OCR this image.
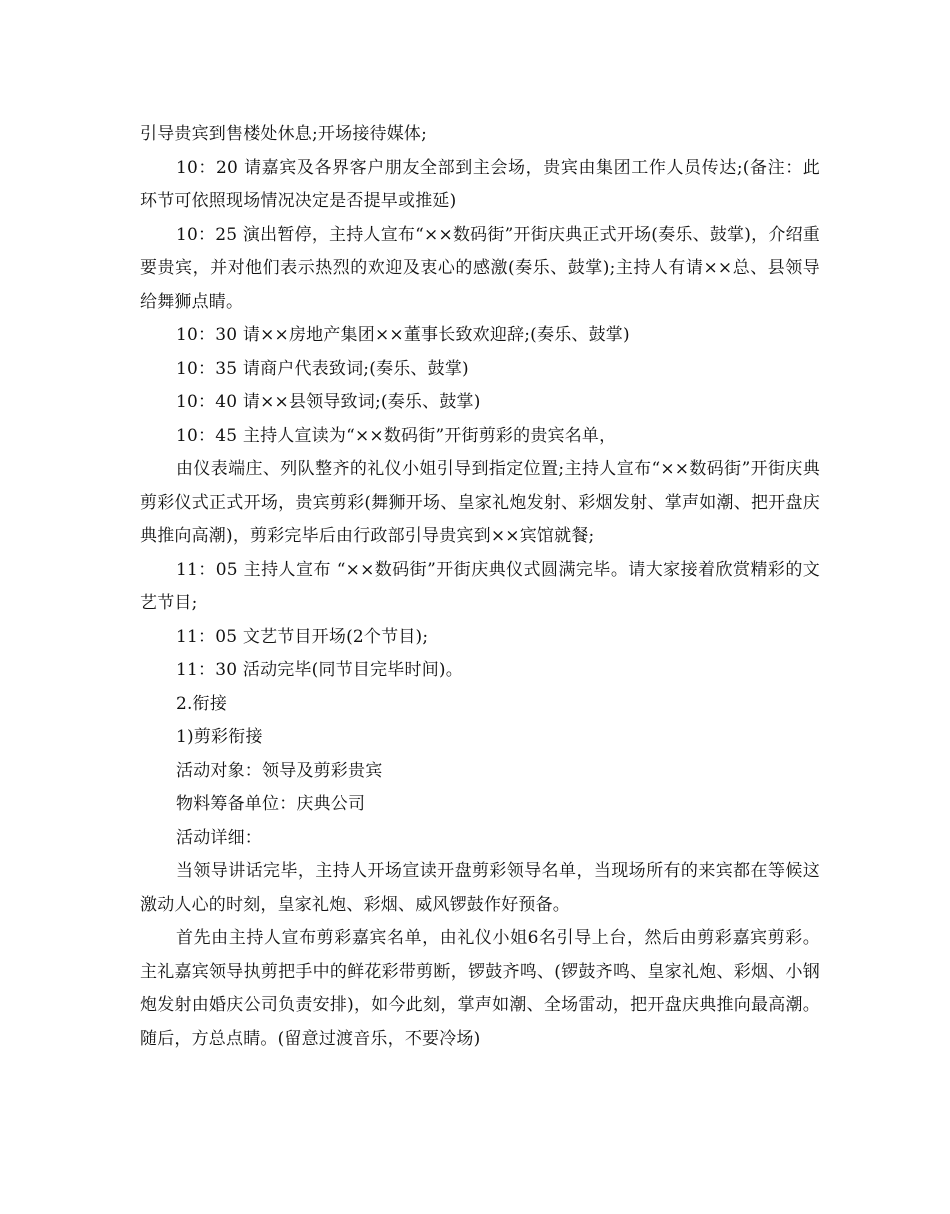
引导贵宾到售楼处休息;开场接待媒体;

10：20 请嘉宾及各界客户朋友全部到主会场，贵宾由集团工作人员传达;(备注：此环节可依照现场情况决定是否提早或推延)

10：25 演出暂停，主持人宣布“××数码街”开街庆典正式开场(奏乐、鼓掌)，介绍重要贵宾，并对他们表示热烈的欢迎及衷心的感激(奏乐、鼓掌);主持人有请××总、县领导给舞狮点睛。

10：30 请××房地产集团××董事长致欢迎辞;(奏乐、鼓掌)

10：35 请商户代表致词;(奏乐、鼓掌)

10：40 请××县领导致词;(奏乐、鼓掌)

10：45 主持人宣读为“××数码街”开街剪彩的贵宾名单，

由仪表端庄、列队整齐的礼仪小姐引导到指定位置;主持人宣布“××数码街”开街庆典剪彩仪式正式开场，贵宾剪彩(舞狮开场、皇家礼炮发射、彩烟发射、掌声如潮、把开盘庆典推向高潮)，剪彩完毕后由行政部引导贵宾到××宾馆就餐;

11：05 主持人宣布 “××数码街”开街庆典仪式圆满完毕。请大家接着欣赏精彩的文艺节目;

11：05 文艺节目开场(2个节目);

11：30 活动完毕(同节目完毕时间)。

2.衔接

1)剪彩衔接

活动对象：领导及剪彩贵宾

物料筹备单位：庆典公司

活动详细：

当领导讲话完毕，主持人开场宣读开盘剪彩领导名单，当现场所有的来宾都在等候这激动人心的时刻，皇家礼炮、彩烟、威风锣鼓作好预备。

首先由主持人宣布剪彩嘉宾名单，由礼仪小姐6名引导上台，然后由剪彩嘉宾剪彩。主礼嘉宾领导执剪把手中的鲜花彩带剪断，锣鼓齐鸣、(锣鼓齐鸣、皇家礼炮、彩烟、小钢炮发射由婚庆公司负责安排)，如今此刻，掌声如潮、全场雷动，把开盘庆典推向最高潮。随后，方总点睛。(留意过渡音乐，不要冷场)
